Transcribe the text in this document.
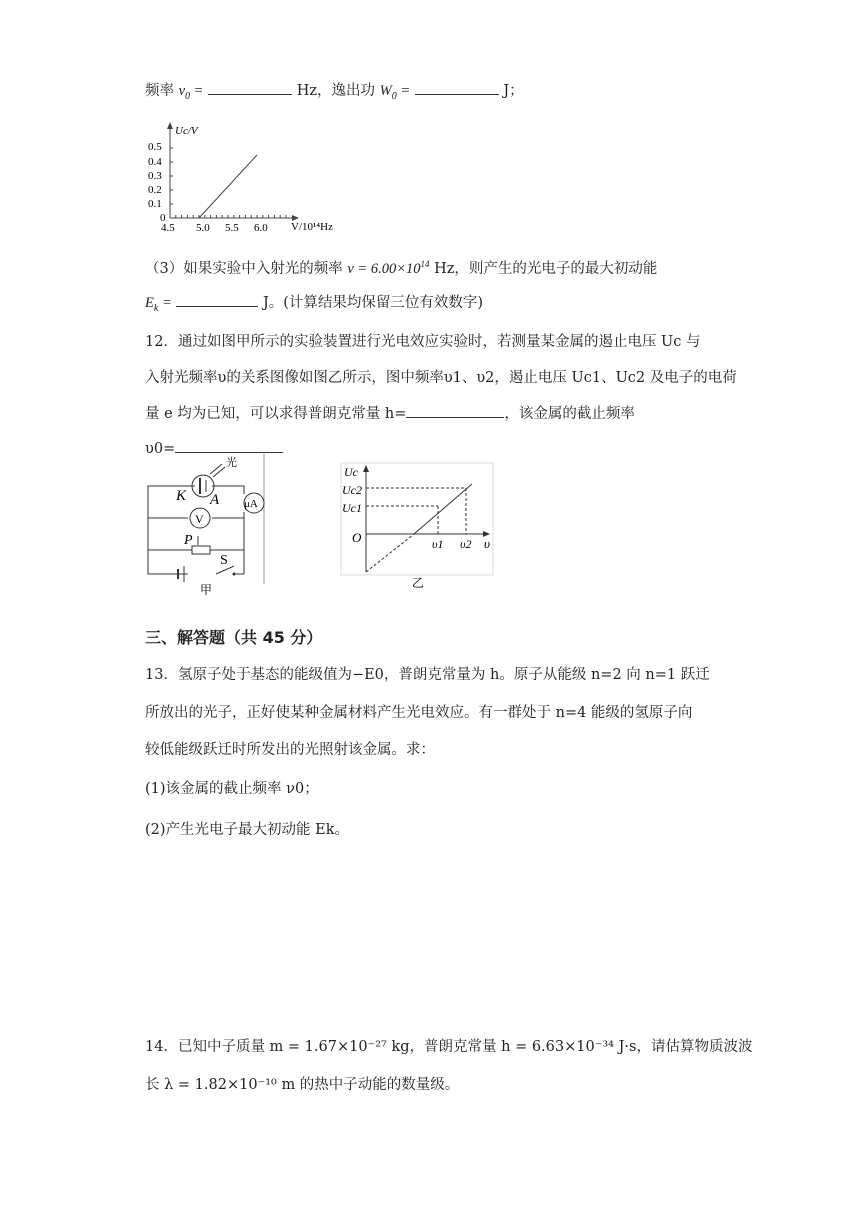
频率 $\nu_0$ =	Hz，逸出功 $W_0$ =	J；
Uc/V
V/10¹⁴Hz
0.5
0.4
0.3
0.2
0.1
0
4.5 5.0 5.5 6.0
（3）如果实验中入射光的频率 $\nu = 6.00\times 10^{14}$ Hz，则产生的光电子的最大初动能
$E_k$ =	J。(计算结果均保留三位有效数字)
12．通过如图甲所示的实验装置进行光电效应实验时，若测量某金属的遏止电压 Uc 与
入射光频率υ的关系图像如图乙所示，图中频率υ1、υ2，遏止电压 Uc1、Uc2 及电子的电荷
量 e 均为已知，可以求得普朗克常量 h=	，该金属的截止频率
υ0=
光
K A μA
V
P
S
甲
Uc
Uc2
Uc1
O	υ1 υ2 υ
乙
三、解答题（共 45 分）
13．氢原子处于基态的能级值为−E0，普朗克常量为 h。原子从能级 n=2 向 n=1 跃迁
所放出的光子，正好使某种金属材料产生光电效应。有一群处于 n=4 能级的氢原子向
较低能级跃迁时所发出的光照射该金属。求：
(1)该金属的截止频率 ν0；
(2)产生光电子最大初动能 Ek。
14．已知中子质量 m = 1.67×10⁻²⁷ kg，普朗克常量 h = 6.63×10⁻³⁴ J·s，请估算物质波波
长 λ = 1.82×10⁻¹⁰ m 的热中子动能的数量级。
